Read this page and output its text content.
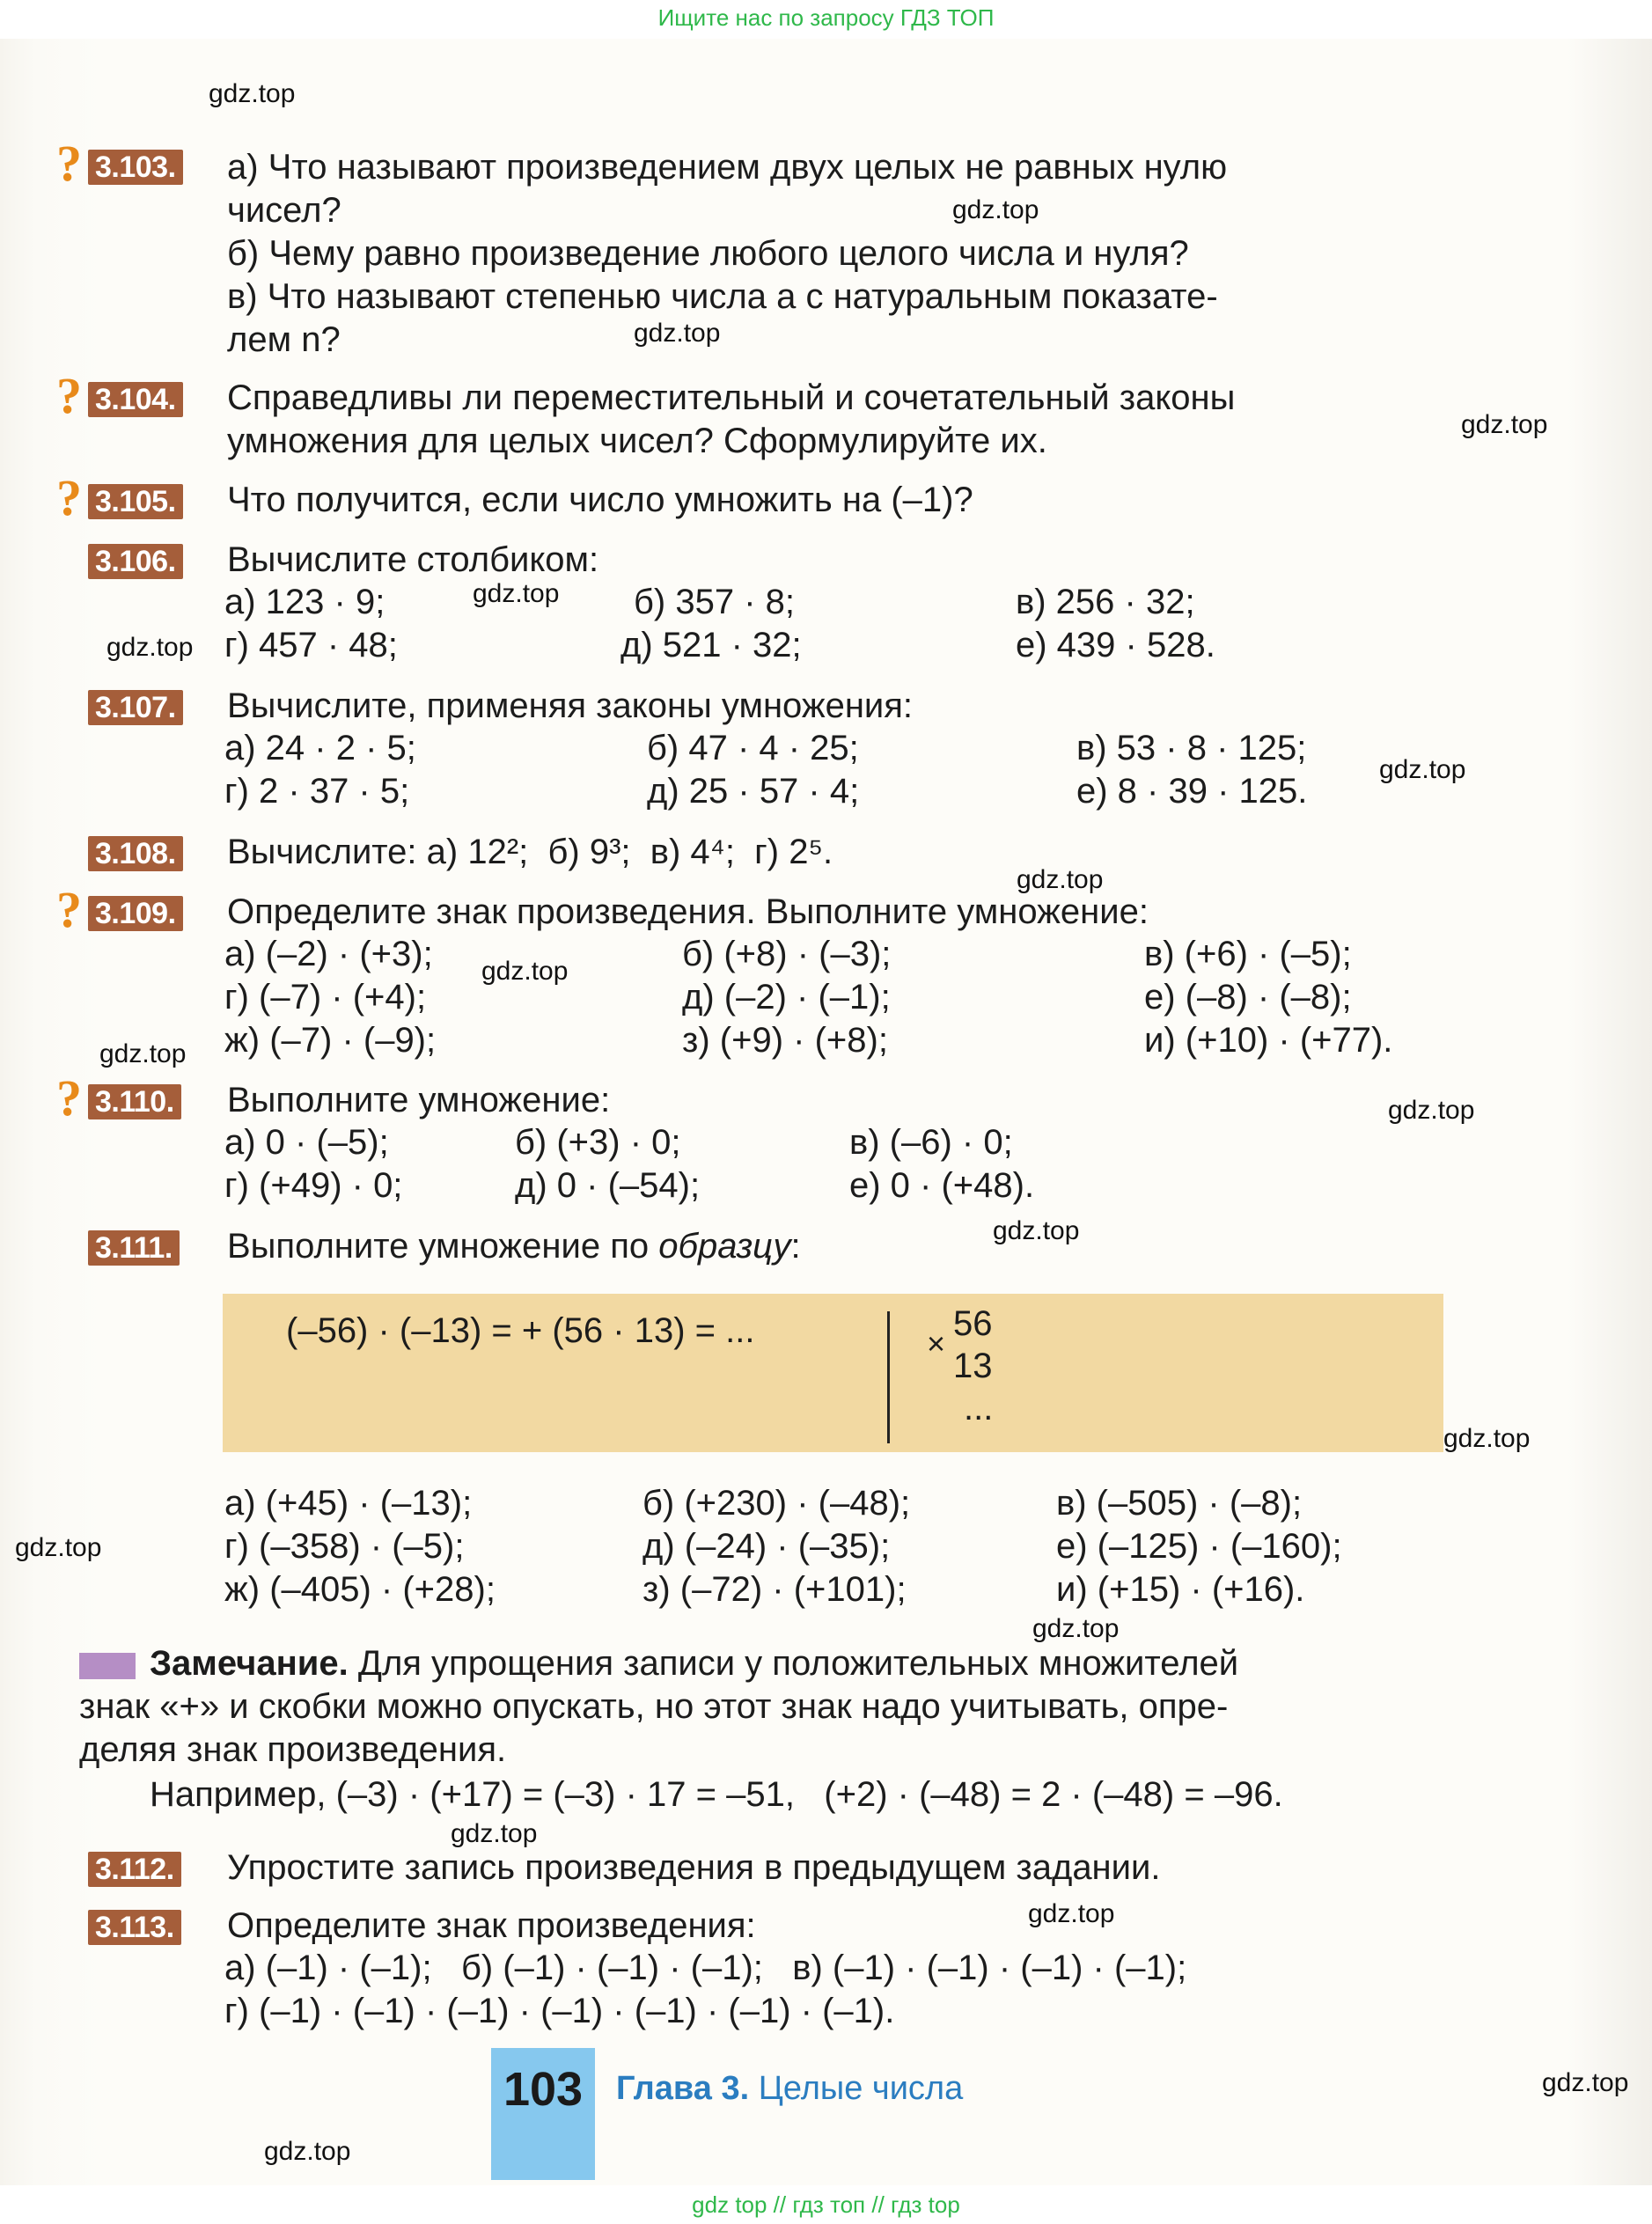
Ищите нас по запросу ГДЗ ТОП
gdz.top
gdz.top
gdz.top
gdz.top
gdz.top
gdz.top
gdz.top
gdz.top
gdz.top
gdz.top
gdz.top
gdz.top
gdz.top
gdz.top
gdz.top
gdz.top
gdz.top
gdz.top
gdz.top
? 3.103. а) Что называют произведением двух целых не равных нулю
чисел?
б) Чему равно произведение любого целого числа и нуля?
в) Что называют степенью числа a с натуральным показате-
лем n?
? 3.104. Справедливы ли переместительный и сочетательный законы
умножения для целых чисел? Сформулируйте их.
? 3.105. Что получится, если число умножить на (–1)?
3.106. Вычислите столбиком:
а) 123 · 9;	б) 357 · 8;	в) 256 · 32;
г) 457 · 48;	д) 521 · 32;	е) 439 · 528.
3.107. Вычислите, применяя законы умножения:
а) 24 · 2 · 5;	б) 47 · 4 · 25;	в) 53 · 8 · 125;
г) 2 · 37 · 5;	д) 25 · 57 · 4;	е) 8 · 39 · 125.
3.108. Вычислите: а) 12²;  б) 9³;  в) 4⁴;  г) 2⁵.
? 3.109. Определите знак произведения. Выполните умножение:
а) (–2) · (+3);	б) (+8) · (–3);	в) (+6) · (–5);
г) (–7) · (+4);	д) (–2) · (–1);	е) (–8) · (–8);
ж) (–7) · (–9);	з) (+9) · (+8);	и) (+10) · (+77).
? 3.110. Выполните умножение:
а) 0 · (–5);	б) (+3) · 0;	в) (–6) · 0;
г) (+49) · 0;	д) 0 · (–54);	е) 0 · (+48).
3.111. Выполните умножение по образцу:
(–56) · (–13) = + (56 · 13) = ...	×
56
13
...
а) (+45) · (–13);	б) (+230) · (–48);	в) (–505) · (–8);
г) (–358) · (–5);	д) (–24) · (–35);	е) (–125) · (–160);
ж) (–405) · (+28);	з) (–72) · (+101);	и) (+15) · (+16).
Замечание. Для упрощения записи у положительных множителей
знак «+» и скобки можно опускать, но этот знак надо учитывать, опре-
деляя знак произведения.
Например, (–3) · (+17) = (–3) · 17 = –51,   (+2) · (–48) = 2 · (–48) = –96.
3.112. Упростите запись произведения в предыдущем задании.
3.113. Определите знак произведения:
а) (–1) · (–1);   б) (–1) · (–1) · (–1);   в) (–1) · (–1) · (–1) · (–1);
г) (–1) · (–1) · (–1) · (–1) · (–1) · (–1) · (–1).
103 Глава 3. Целые числа
gdz top // гдз топ // гдз top
